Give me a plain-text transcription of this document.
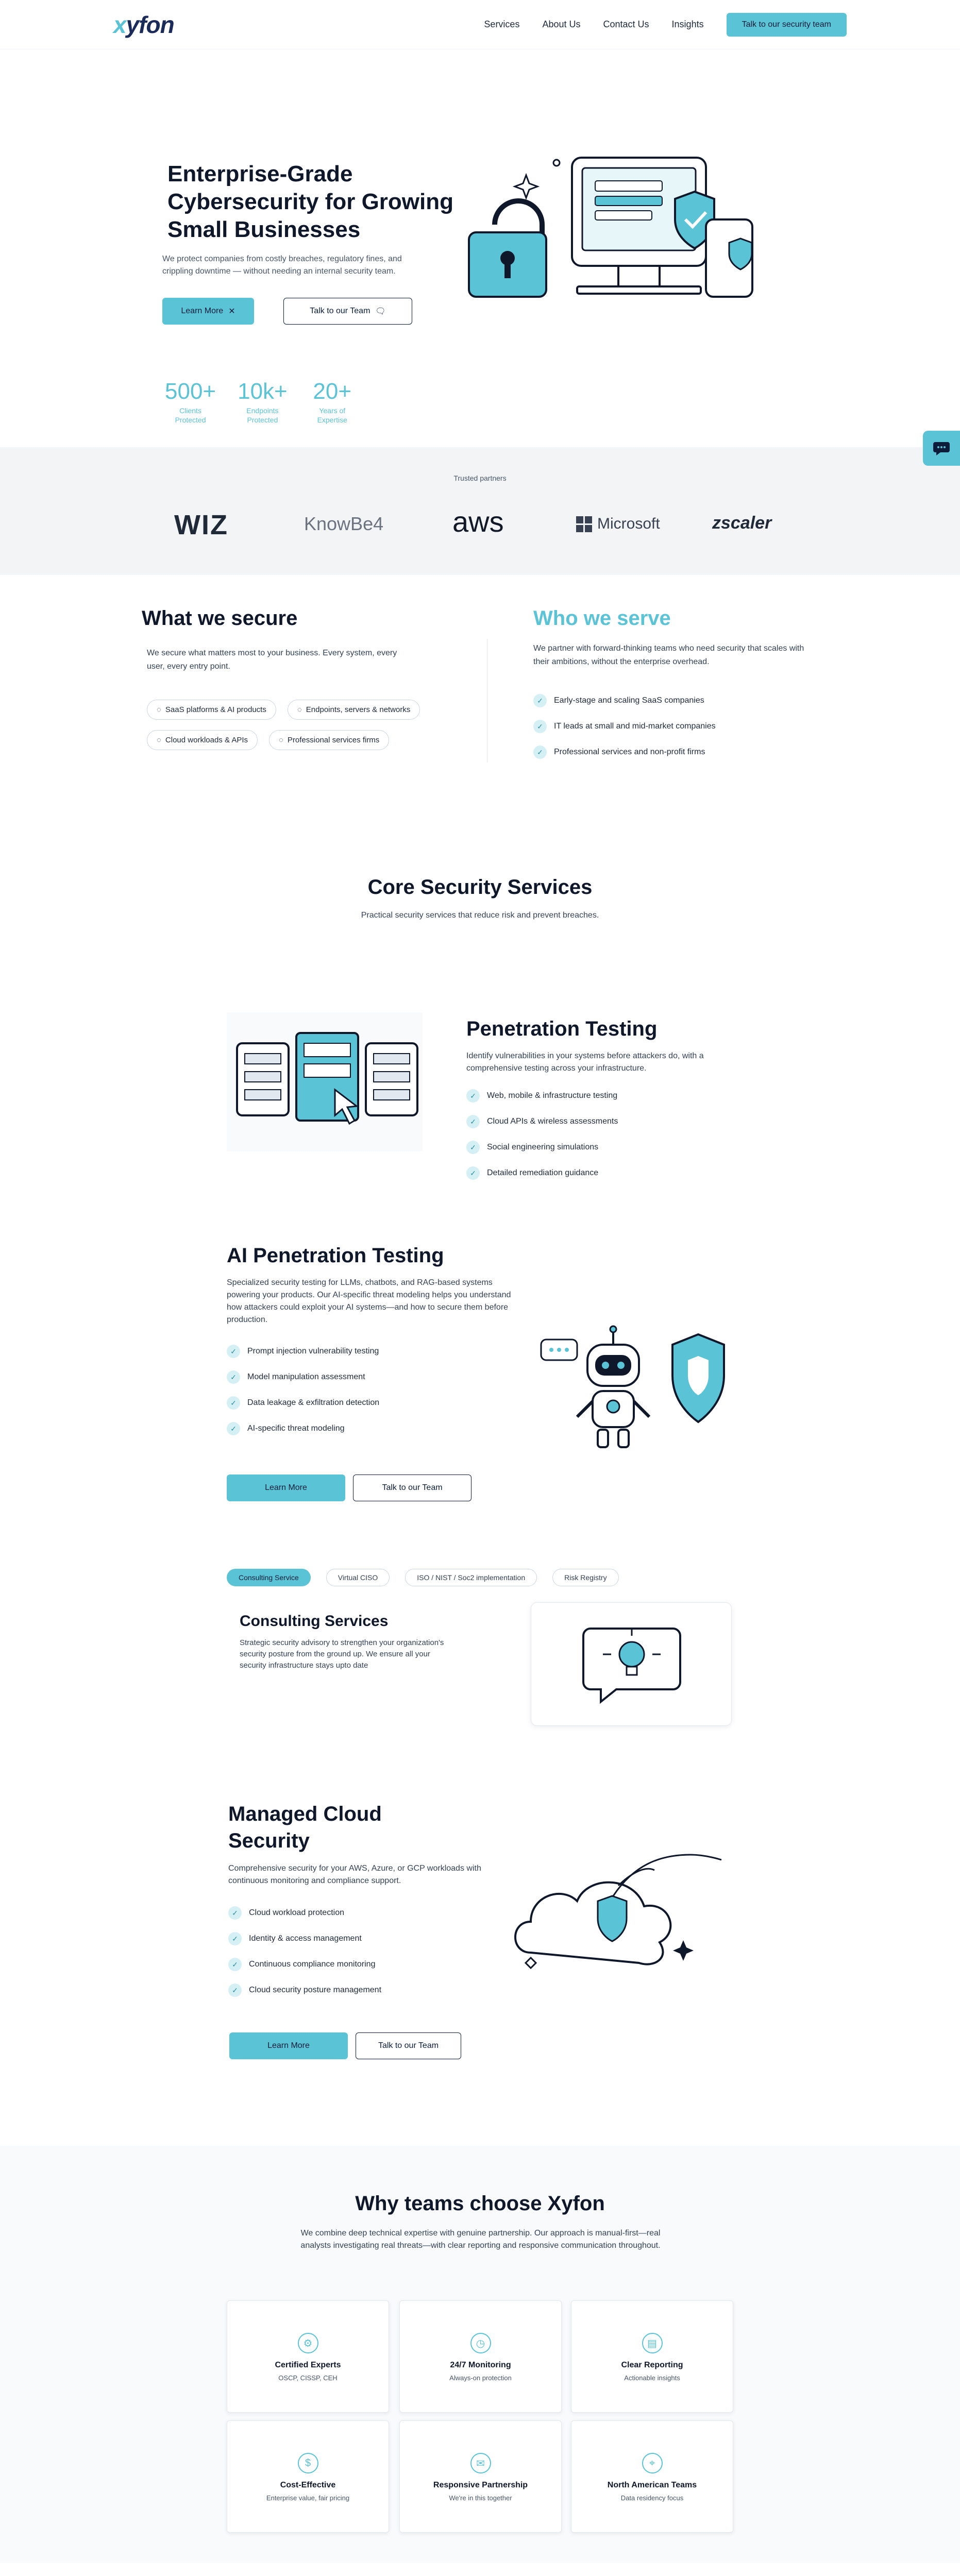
xyfon	Services About Us Contact Us Insights	Talk to our security team
Enterprise-Grade Cybersecurity for Growing Small Businesses

We protect companies from costly breaches, regulatory fines, and crippling downtime — without needing an internal security team.

Learn More ✕	Talk to our Team 🗨
500+
Clients Protected
10k+
Endpoints Protected
20+
Years of Expertise
Trusted partners
WIZ	KnowBe4 aws	Microsoft	zscaler
What we secure

We secure what matters most to your business. Every system, every user, every entry point.

◌ SaaS platforms & AI products	◌ Endpoints, servers & networks
◌ Cloud workloads & APIs	◌ Professional services firms
Who we serve

We partner with forward-thinking teams who need security that scales with their ambitions, without the enterprise overhead.

✓	Early-stage and scaling SaaS companies
✓	IT leads at small and mid-market companies
✓	Professional services and non-profit firms
Core Security Services

Practical security services that reduce risk and prevent breaches.

Penetration Testing

Identify vulnerabilities in your systems before attackers do, with a comprehensive testing across your infrastructure.

✓	Web, mobile & infrastructure testing
✓	Cloud APIs & wireless assessments
✓	Social engineering simulations
✓	Detailed remediation guidance
AI Penetration Testing

Specialized security testing for LLMs, chatbots, and RAG-based systems powering your products. Our AI-specific threat modeling helps you understand how attackers could exploit your AI systems—and how to secure them before production.

✓	Prompt injection vulnerability testing
✓	Model manipulation assessment
✓	Data leakage & exfiltration detection
✓	AI-specific threat modeling
Learn More	Talk to our Team
Consulting Service	Virtual CISO	ISO / NIST / Soc2 implementation	Risk Registry
Consulting Services

Strategic security advisory to strengthen your organization's security posture from the ground up. We ensure all your security infrastructure stays upto date

Managed Cloud Security

Comprehensive security for your AWS, Azure, or GCP workloads with continuous monitoring and compliance support.

✓	Cloud workload protection
✓	Identity & access management
✓	Continuous compliance monitoring
✓	Cloud security posture management
Learn More	Talk to our Team
Why teams choose Xyfon

We combine deep technical expertise with genuine partnership. Our approach is manual-first—real analysts investigating real threats—with clear reporting and responsive communication throughout.

⚙
Certified Experts
OSCP, CISSP, CEH
◷
24/7 Monitoring
Always-on protection
▤
Clear Reporting
Actionable insights
$
Cost-Effective
Enterprise value, fair pricing
✉
Responsive Partnership
We're in this together
⌖
North American Teams
Data residency focus
